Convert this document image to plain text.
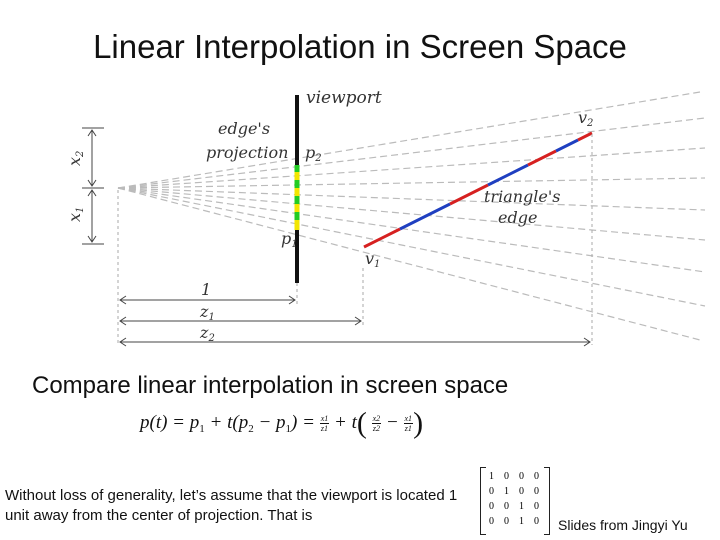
Linear Interpolation in Screen Space
x2
x1
viewport
edge's
projection p2
p1
v2
v1
triangle's
edge
1
z1
z2
Compare linear interpolation in screen space
$p(t) = p_1 + t(p_2 - p_1) = \frac{x1}{z1} + t( \frac{x2}{z2} - \frac{x1}{z1}$ )
Without loss of generality, let’s assume that the viewport is located 1 unit away from the center of projection. That is
1	0	0	0
0	1	0	0
0	0	1	0
0	0	1	0 Slides from Jingyi Yu
